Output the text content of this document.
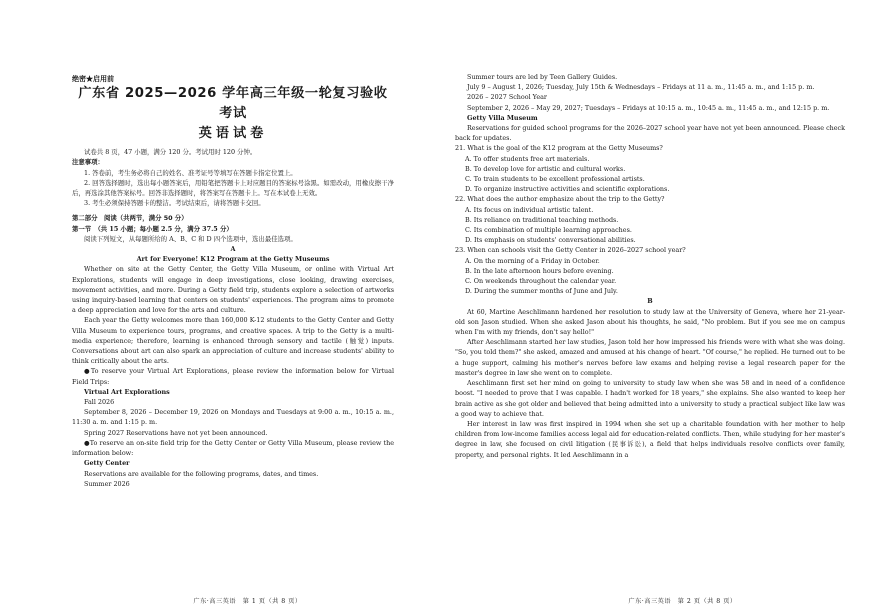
绝密★启用前

广东省 2025—2026 学年高三年级一轮复习验收考试

英语试卷

试卷共 8 页，47 小题，满分 120 分。考试用时 120 分钟。

注意事项：

1. 答卷前，考生务必将自己的姓名、准考证号等填写在答题卡指定位置上。

2. 回答选择题时，选出每小题答案后，用铅笔把答题卡上对应题目的答案标号涂黑。如需改动，用橡皮擦干净后，再选涂其他答案标号。回答非选择题时，将答案写在答题卡上。写在本试卷上无效。

3. 考生必须保持答题卡的整洁。考试结束后，请将答题卡交回。

第二部分　阅读（共两节，满分 50 分）

第一节　（共 15 小题；每小题 2.5 分，满分 37.5 分）

阅读下列短文，从每题所给的 A、B、C 和 D 四个选项中，选出最佳选项。

A

Art for Everyone! K12 Program at the Getty Museums

Whether on site at the Getty Center, the Getty Villa Museum, or online with Virtual Art Explorations, students will engage in deep investigations, close looking, drawing exercises, movement activities, and more. During a Getty field trip, students explore a selection of artworks using inquiry-based learning that centers on students' experiences. The program aims to promote a deep appreciation and love for the arts and culture.

Each year the Getty welcomes more than 160,000 K-12 students to the Getty Center and Getty Villa Museum to experience tours, programs, and creative spaces. A trip to the Getty is a multi-media experience; therefore, learning is enhanced through sensory and tactile (触觉) inputs. Conversations about art can also spark an appreciation of culture and increase students' ability to think critically about the arts.

●To reserve your Virtual Art Explorations, please review the information below for Virtual Field Trips:

Virtual Art Explorations

Fall 2026

September 8, 2026 – December 19, 2026 on Mondays and Tuesdays at 9:00 a. m., 10:15 a. m., 11:30 a. m. and 1:15 p. m.

Spring 2027 Reservations have not yet been announced.

●To reserve an on-site field trip for the Getty Center or Getty Villa Museum, please review the information below:

Getty Center

Reservations are available for the following programs, dates, and times.

Summer 2026

广东·高三英语　第 1 页（共 8 页）

Summer tours are led by Teen Gallery Guides.

July 9 – August 1, 2026; Tuesday, July 15th & Wednesdays – Fridays at 11 a. m., 11:45 a. m., and 1:15 p. m.

2026 – 2027 School Year

September 2, 2026 – May 29, 2027; Tuesdays – Fridays at 10:15 a. m., 10:45 a. m., 11:45 a. m., and 12:15 p. m.

Getty Villa Museum

Reservations for guided school programs for the 2026–2027 school year have not yet been announced. Please check back for updates.

21. What is the goal of the K12 program at the Getty Museums?

A. To offer students free art materials.

B. To develop love for artistic and cultural works.

C. To train students to be excellent professional artists.

D. To organize instructive activities and scientific explorations.

22. What does the author emphasize about the trip to the Getty?

A. Its focus on individual artistic talent.

B. Its reliance on traditional teaching methods.

C. Its combination of multiple learning approaches.

D. Its emphasis on students' conversational abilities.

23. When can schools visit the Getty Center in 2026–2027 school year?

A. On the morning of a Friday in October.

B. In the late afternoon hours before evening.

C. On weekends throughout the calendar year.

D. During the summer months of June and July.

B

At 60, Martine Aeschlimann hardened her resolution to study law at the University of Geneva, where her 21-year-old son Jason studied. When she asked Jason about his thoughts, he said, "No problem. But if you see me on campus when I'm with my friends, don't say hello!"

After Aeschlimann started her law studies, Jason told her how impressed his friends were with what she was doing. "So, you told them?" she asked, amazed and amused at his change of heart. "Of course," he replied. He turned out to be a huge support, calming his mother's nerves before law exams and helping revise a legal research paper for the master's degree in law she went on to complete.

Aeschlimann first set her mind on going to university to study law when she was 58 and in need of a confidence boost. "I needed to prove that I was capable. I hadn't worked for 18 years," she explains. She also wanted to keep her brain active as she got older and believed that being admitted into a university to study a practical subject like law was a good way to achieve that.

Her interest in law was first inspired in 1994 when she set up a charitable foundation with her mother to help children from low-income families access legal aid for education-related conflicts. Then, while studying for her master's degree in law, she focused on civil litigation (民事诉讼), a field that helps individuals resolve conflicts over family, property, and personal rights. It led Aeschlimann in a

广东·高三英语　第 2 页（共 8 页）
